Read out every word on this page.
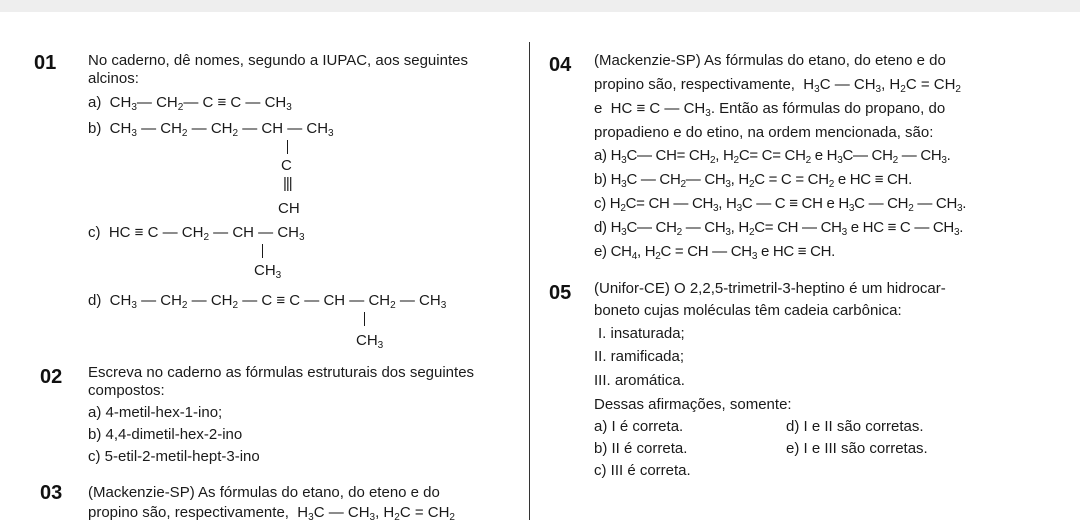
01 No caderno, dê nomes, segundo a IUPAC, aos seguintes
alcinos:
a)  $CH_3—$ $CH_2—$ C ≡ C — $CH_3$
b)  $CH_3$ — $CH_2$ — $CH_2$ — CH — $CH_3$
C
|||
CH
c)  HC ≡ C — $CH_2$ — CH — $CH_3$
$CH_3$
d)  $CH_3$ — $CH_2$ — $CH_2$ — C ≡ C — CH — $CH_2$ — $CH_3$
$CH_3$
02 Escreva no caderno as fórmulas estruturais dos seguintes
compostos:
a) 4-metil-hex-1-ino;
b) 4,4-dimetil-hex-2-ino
c) 5-etil-2-metil-hept-3-ino
03 (Mackenzie-SP) As fórmulas do etano, do eteno e do
propino são, respectivamente,  $H_3C$ — $CH_3$, $H_2C = CH_2$
04 (Mackenzie-SP) As fórmulas do etano, do eteno e do
propino são, respectivamente,  $H_3C$ — $CH_3$, $H_2C = CH_2$
e  HC ≡ C — $CH_3$. Então as fórmulas do propano, do
propadieno e do etino, na ordem mencionada, são:
a) $H_3C—$ $CH= CH_2$, $H_2C= C= CH_2$ e $H_3C—$ $CH_2$ — $CH_3$.
b) $H_3C$ — $CH_2—$ $CH_3$, $H_2C = C = CH_2$ e HC ≡ CH.
c) $H_2C=$ CH — $CH_3$, $H_3C$ — C ≡ CH e $H_3C$ — $CH_2$ — $CH_3$.
d) $H_3C—$ $CH_2$ — $CH_3$, $H_2C=$ CH — $CH_3$ e HC ≡ C — $CH_3$.
e) $CH_4$, $H_2C$ = CH — $CH_3$ e HC ≡ CH.
05 (Unifor-CE) O 2,2,5-trimetril-3-heptino é um hidrocar-
boneto cujas moléculas têm cadeia carbônica:
I. insaturada;
II. ramificada;
III. aromática.
Dessas afirmações, somente:
a) I é correta.
b) II é correta.
c) III é correta.
d) I e II são corretas.
e) I e III são corretas.
